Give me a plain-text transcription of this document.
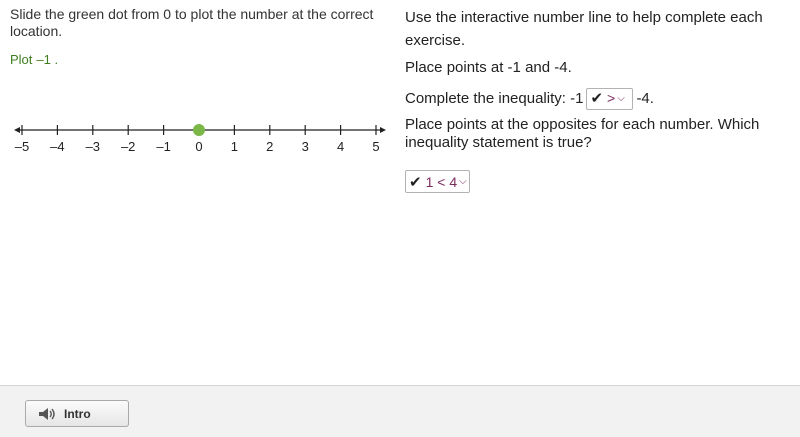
Slide the green dot from 0 to plot the number at the correct location.
Plot –1 .
–5 –4 –3 –2 –1 0 1 2 3 4 5
Use the interactive number line to help complete each exercise.
Place points at -1 and -4.
Complete the inequality: -1 ✔ > ⌵ -4.
Place points at the opposites for each number. Which inequality statement is true?
✔ 1 < 4 ⌵
Intro
